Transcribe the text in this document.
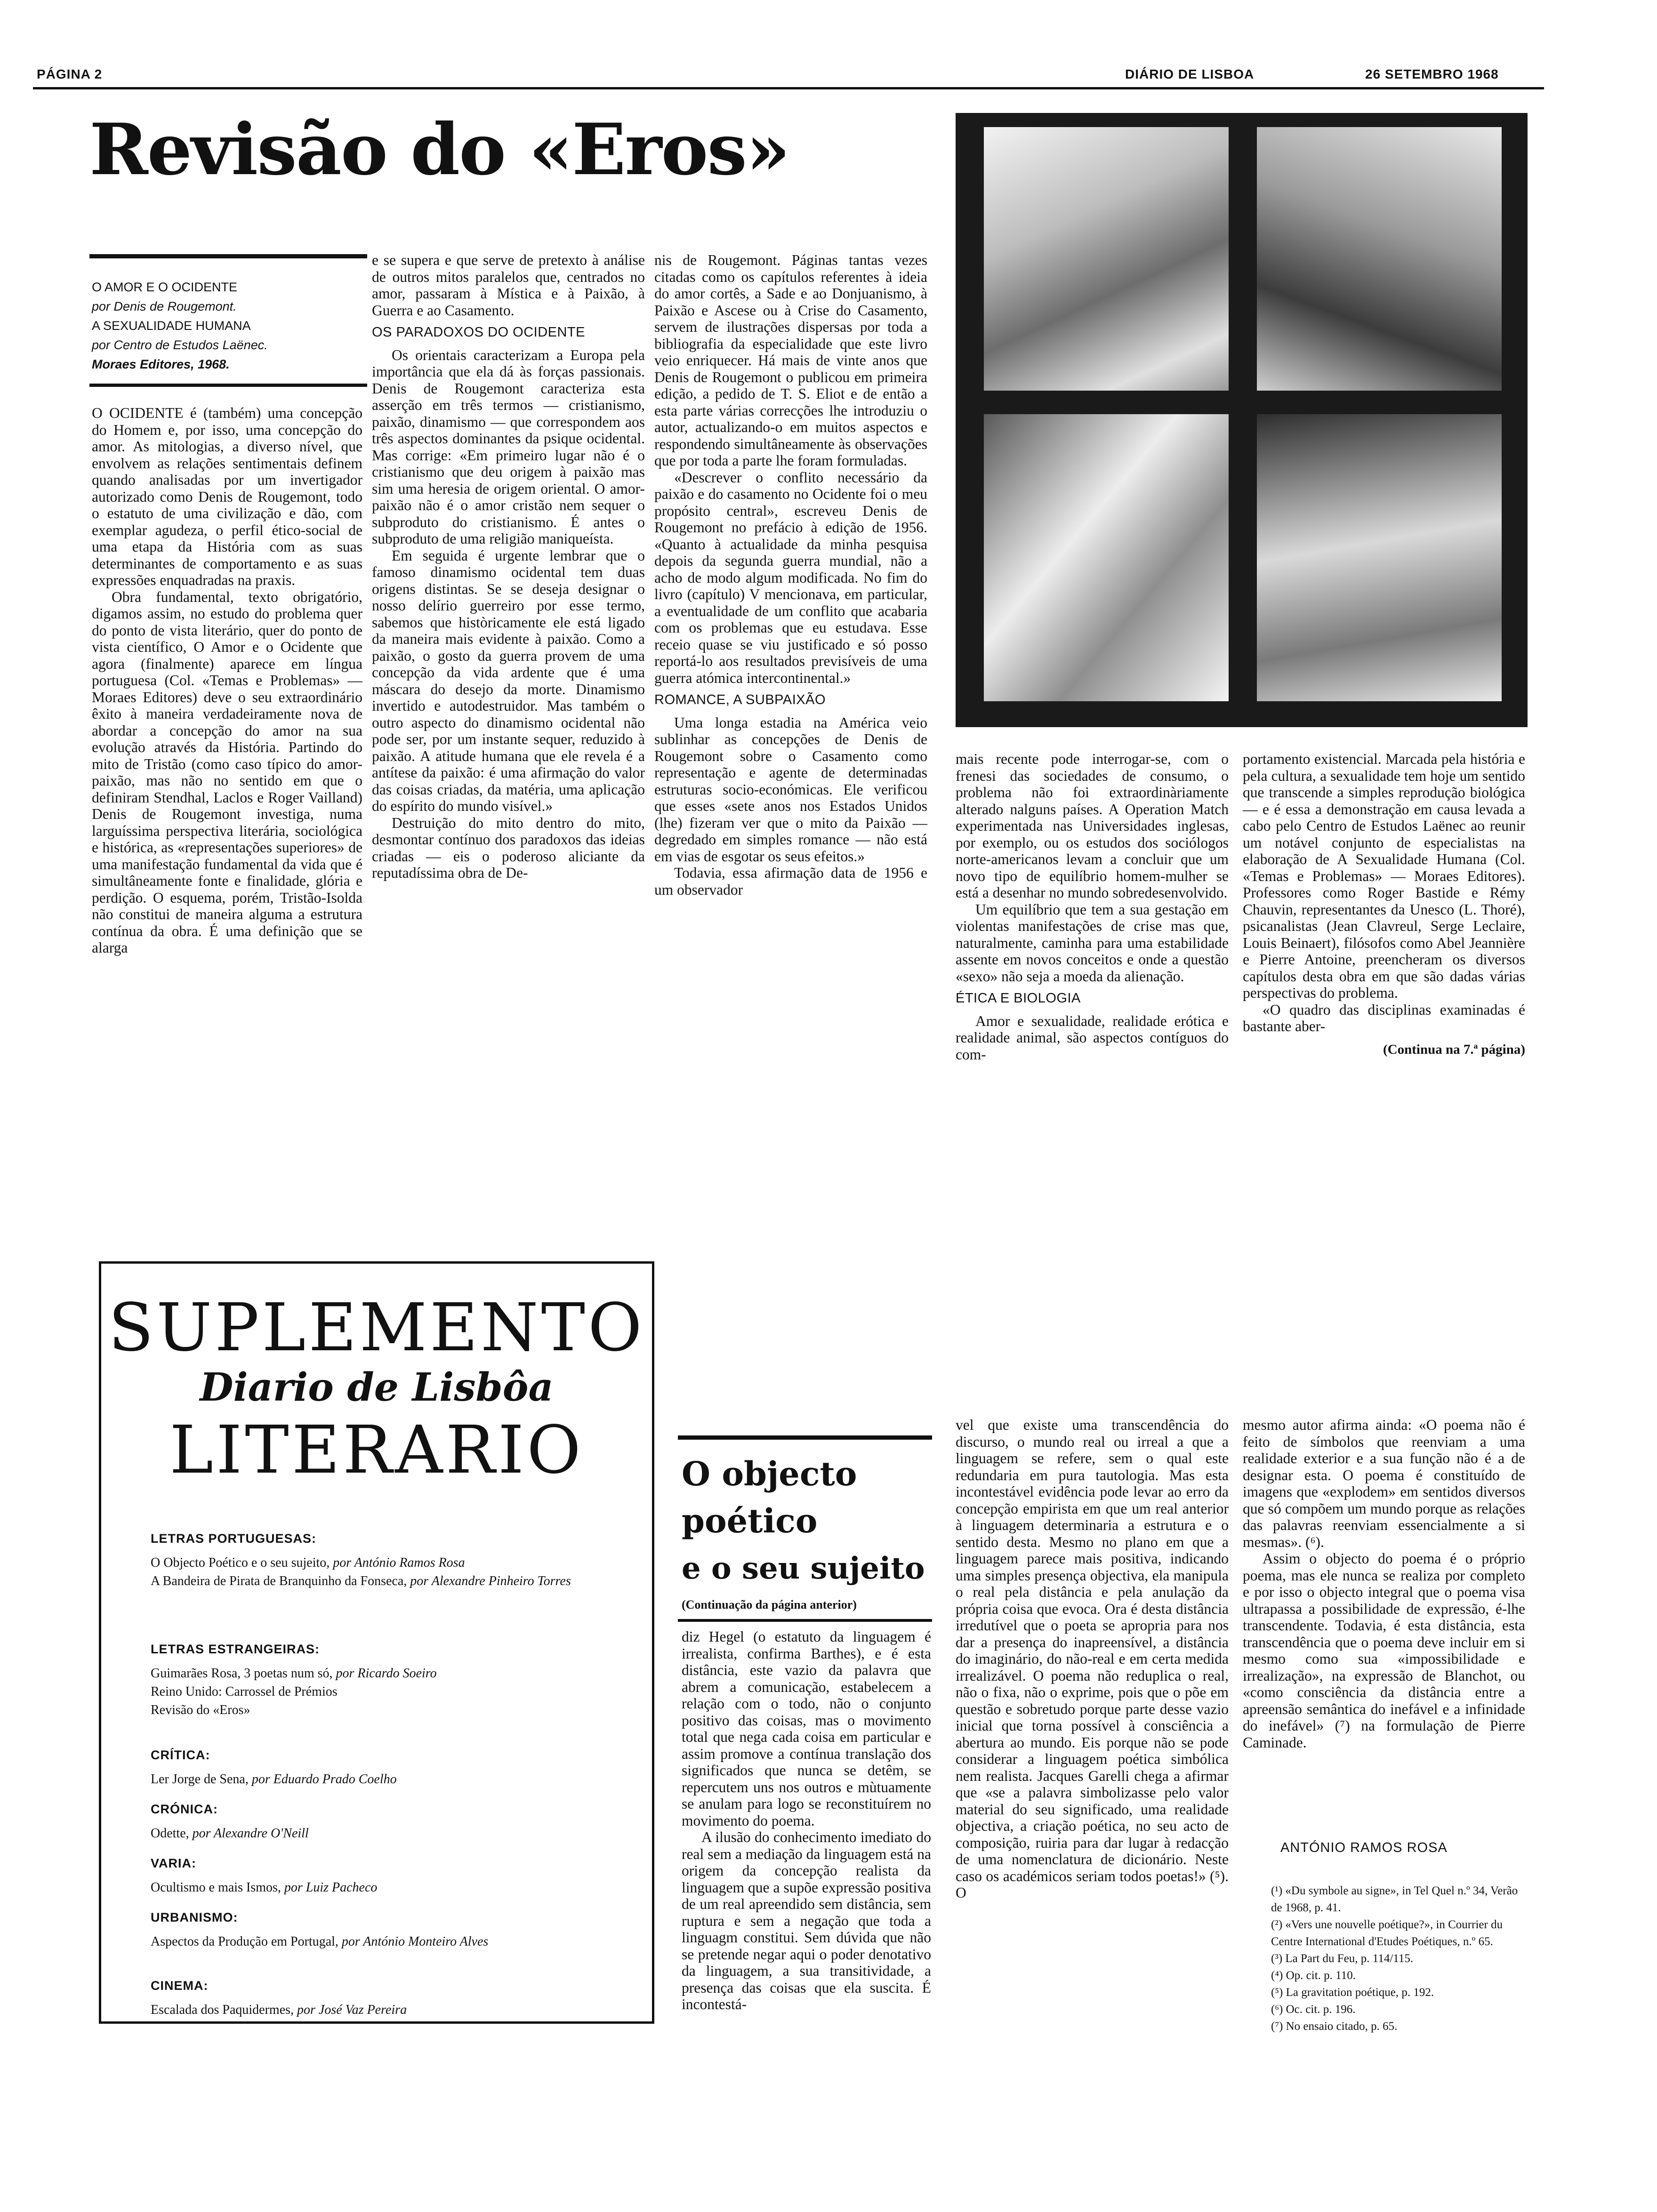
PÁGINA 2	DIÁRIO DE LISBOA	26 SETEMBRO 1968
Revisão do «Eros»
O AMOR E O OCIDENTE
por Denis de Rougemont.
A SEXUALIDADE HUMANA
por Centro de Estudos Laënec.
Moraes Editores, 1968.

O OCIDENTE é (também) uma concepção do Homem e, por isso, uma concepção do amor. As mitologias, a diverso nível, que envolvem as relações sentimentais definem quando analisadas por um invertigador autorizado como Denis de Rougemont, todo o estatuto de uma civilização e dão, com exemplar agudeza, o perfil ético-social de uma etapa da História com as suas determinantes de comportamento e as suas expressões enquadradas na praxis.

Obra fundamental, texto obrigatório, digamos assim, no estudo do problema quer do ponto de vista literário, quer do ponto de vista científico, O Amor e o Ocidente que agora (finalmente) aparece em língua portuguesa (Col. «Temas e Problemas» — Moraes Editores) deve o seu extraordinário êxito à maneira verdadeiramente nova de abordar a concepção do amor na sua evolução através da História. Partindo do mito de Tristão (como caso típico do amor-paixão, mas não no sentido em que o definiram Stendhal, Laclos e Roger Vailland) Denis de Rougemont investiga, numa larguíssima perspectiva literária, sociológica e histórica, as «representações superiores» de uma manifestação fundamental da vida que é simultâneamente fonte e finalidade, glória e perdição. O esquema, porém, Tristão-Isolda não constitui de maneira alguma a estrutura contínua da obra. É uma definição que se alarga

e se supera e que serve de pretexto à análise de outros mitos paralelos que, centrados no amor, passaram à Mística e à Paixão, à Guerra e ao Casamento.

OS PARADOXOS DO OCIDENTE

Os orientais caracterizam a Europa pela importância que ela dá às forças passionais. Denis de Rougemont caracteriza esta asserção em três termos — cristianismo, paixão, dinamismo — que correspondem aos três aspectos dominantes da psique ocidental. Mas corrige: «Em primeiro lugar não é o cristianismo que deu origem à paixão mas sim uma heresia de origem oriental. O amor-paixão não é o amor cristão nem sequer o subproduto do cristianismo. É antes o subproduto de uma religião maniqueísta.

Em seguida é urgente lembrar que o famoso dinamismo ocidental tem duas origens distintas. Se se deseja designar o nosso delírio guerreiro por esse termo, sabemos que històricamente ele está ligado da maneira mais evidente à paixão. Como a paixão, o gosto da guerra provem de uma concepção da vida ardente que é uma máscara do desejo da morte. Dinamismo invertido e autodestruidor. Mas também o outro aspecto do dinamismo ocidental não pode ser, por um instante sequer, reduzido à paixão. A atitude humana que ele revela é a antítese da paixão: é uma afirmação do valor das coisas criadas, da matéria, uma aplicação do espírito do mundo visível.»

Destruição do mito dentro do mito, desmontar contínuo dos paradoxos das ideias criadas — eis o poderoso aliciante da reputadíssima obra de De-

nis de Rougemont. Páginas tantas vezes citadas como os capítulos referentes à ideia do amor cortês, a Sade e ao Donjuanismo, à Paixão e Ascese ou à Crise do Casamento, servem de ilustrações dispersas por toda a bibliografia da especialidade que este livro veio enriquecer. Há mais de vinte anos que Denis de Rougemont o publicou em primeira edição, a pedido de T. S. Eliot e de então a esta parte várias correcções lhe introduziu o autor, actualizando-o em muitos aspectos e respondendo simultâneamente às observações que por toda a parte lhe foram formuladas.

«Descrever o conflito necessário da paixão e do casamento no Ocidente foi o meu propósito central», escreveu Denis de Rougemont no prefácio à edição de 1956. «Quanto à actualidade da minha pesquisa depois da segunda guerra mundial, não a acho de modo algum modificada. No fim do livro (capítulo) V mencionava, em particular, a eventualidade de um conflito que acabaria com os problemas que eu estudava. Esse receio quase se viu justificado e só posso reportá-lo aos resultados previsíveis de uma guerra atómica intercontinental.»

ROMANCE, A SUBPAIXÃO

Uma longa estadia na América veio sublinhar as concepções de Denis de Rougemont sobre o Casamento como representação e agente de determinadas estruturas socio-económicas. Ele verificou que esses «sete anos nos Estados Unidos (lhe) fizeram ver que o mito da Paixão — degredado em simples romance — não está em vias de esgotar os seus efeitos.»

Todavia, essa afirmação data de 1956 e um observador

mais recente pode interrogar-se, com o frenesi das sociedades de consumo, o problema não foi extraordinàriamente alterado nalguns países. A Operation Match experimentada nas Universidades inglesas, por exemplo, ou os estudos dos sociólogos norte-americanos levam a concluir que um novo tipo de equilíbrio homem-mulher se está a desenhar no mundo sobredesenvolvido.

Um equilíbrio que tem a sua gestação em violentas manifestações de crise mas que, naturalmente, caminha para uma estabilidade assente em novos conceitos e onde a questão «sexo» não seja a moeda da alienação.

ÉTICA E BIOLOGIA

Amor e sexualidade, realidade erótica e realidade animal, são aspectos contíguos do com-

portamento existencial. Marcada pela história e pela cultura, a sexualidade tem hoje um sentido que transcende a simples reprodução biológica — e é essa a demonstração em causa levada a cabo pelo Centro de Estudos Laënec ao reunir um notável conjunto de especialistas na elaboração de A Sexualidade Humana (Col. «Temas e Problemas» — Moraes Editores). Professores como Roger Bastide e Rémy Chauvin, representantes da Unesco (L. Thoré), psicanalistas (Jean Clavreul, Serge Leclaire, Louis Beinaert), filósofos como Abel Jeannière e Pierre Antoine, preencheram os diversos capítulos desta obra em que são dadas várias perspectivas do problema.

«O quadro das disciplinas examinadas é bastante aber-

(Continua na 7.ª página)
SUPLEMENTO
Diario de Lisbôa
LITERARIO
LETRAS PORTUGUESAS:
O Objecto Poético e o seu sujeito, por António Ramos Rosa
A Bandeira de Pirata de Branquinho da Fonseca, por Alexandre Pinheiro Torres
LETRAS ESTRANGEIRAS:
Guimarães Rosa, 3 poetas num só, por Ricardo Soeiro
Reino Unido: Carrossel de Prémios
Revisão do «Eros»
CRÍTICA:
Ler Jorge de Sena, por Eduardo Prado Coelho
CRÓNICA:
Odette, por Alexandre O'Neill
VARIA:
Ocultismo e mais Ismos, por Luiz Pacheco
URBANISMO:
Aspectos da Produção em Portugal, por António Monteiro Alves
CINEMA:
Escalada dos Paquidermes, por José Vaz Pereira
O objecto
poético
e o seu sujeito
(Continuação da página anterior)

diz Hegel (o estatuto da linguagem é irrealista, confirma Barthes), e é esta distância, este vazio da palavra que abrem a comunicação, estabelecem a relação com o todo, não o conjunto positivo das coisas, mas o movimento total que nega cada coisa em particular e assim promove a contínua translação dos significados que nunca se detêm, se repercutem uns nos outros e mùtuamente se anulam para logo se reconstituírem no movimento do poema.

A ilusão do conhecimento imediato do real sem a mediação da linguagem está na origem da concepção realista da linguagem que a supõe expressão positiva de um real apreendido sem distância, sem ruptura e sem a negação que toda a linguagm constitui. Sem dúvida que não se pretende negar aqui o poder denotativo da linguagem, a sua transitividade, a presença das coisas que ela suscita. É incontestá-

vel que existe uma transcendência do discurso, o mundo real ou irreal a que a linguagem se refere, sem o qual este redundaria em pura tautologia. Mas esta incontestável evidência pode levar ao erro da concepção empirista em que um real anterior à linguagem determinaria a estrutura e o sentido desta. Mesmo no plano em que a linguagem parece mais positiva, indicando uma simples presença objectiva, ela manipula o real pela distância e pela anulação da própria coisa que evoca. Ora é desta distância irredutível que o poeta se apropria para nos dar a presença do inapreensível, a distância do imaginário, do não-real e em certa medida irrealizável. O poema não reduplica o real, não o fixa, não o exprime, pois que o põe em questão e sobretudo porque parte desse vazio inicial que torna possível à consciência a abertura ao mundo. Eis porque não se pode considerar a linguagem poética simbólica nem realista. Jacques Garelli chega a afirmar que «se a palavra simbolizasse pelo valor material do seu significado, uma realidade objectiva, a criação poética, no seu acto de composição, ruiria para dar lugar à redacção de uma nomenclatura de dicionário. Neste caso os académicos seriam todos poetas!» (⁵). O

mesmo autor afirma ainda: «O poema não é feito de símbolos que reenviam a uma realidade exterior e a sua função não é a de designar esta. O poema é constituído de imagens que «explodem» em sentidos diversos que só compõem um mundo porque as relações das palavras reenviam essencialmente a si mesmas». (⁶).

Assim o objecto do poema é o próprio poema, mas ele nunca se realiza por completo e por isso o objecto integral que o poema visa ultrapassa a possibilidade de expressão, é-lhe transcendente. Todavia, é esta distância, esta transcendência que o poema deve incluir em si mesmo como sua «impossibilidade e irrealização», na expressão de Blanchot, ou «como consciência da distância entre a apreensão semântica do inefável e a infinidade do inefável» (⁷) na formulação de Pierre Caminade.

ANTÓNIO RAMOS ROSA

(¹) «Du symbole au signe», in Tel Quel n.º 34, Verão de 1968, p. 41.

(²) «Vers une nouvelle poétique?», in Courrier du Centre International d'Etudes Poétiques, n.º 65.

(³) La Part du Feu, p. 114/115.

(⁴) Op. cit. p. 110.

(⁵) La gravitation poétique, p. 192.

(⁶) Oc. cit. p. 196.

(⁷) No ensaio citado, p. 65.
